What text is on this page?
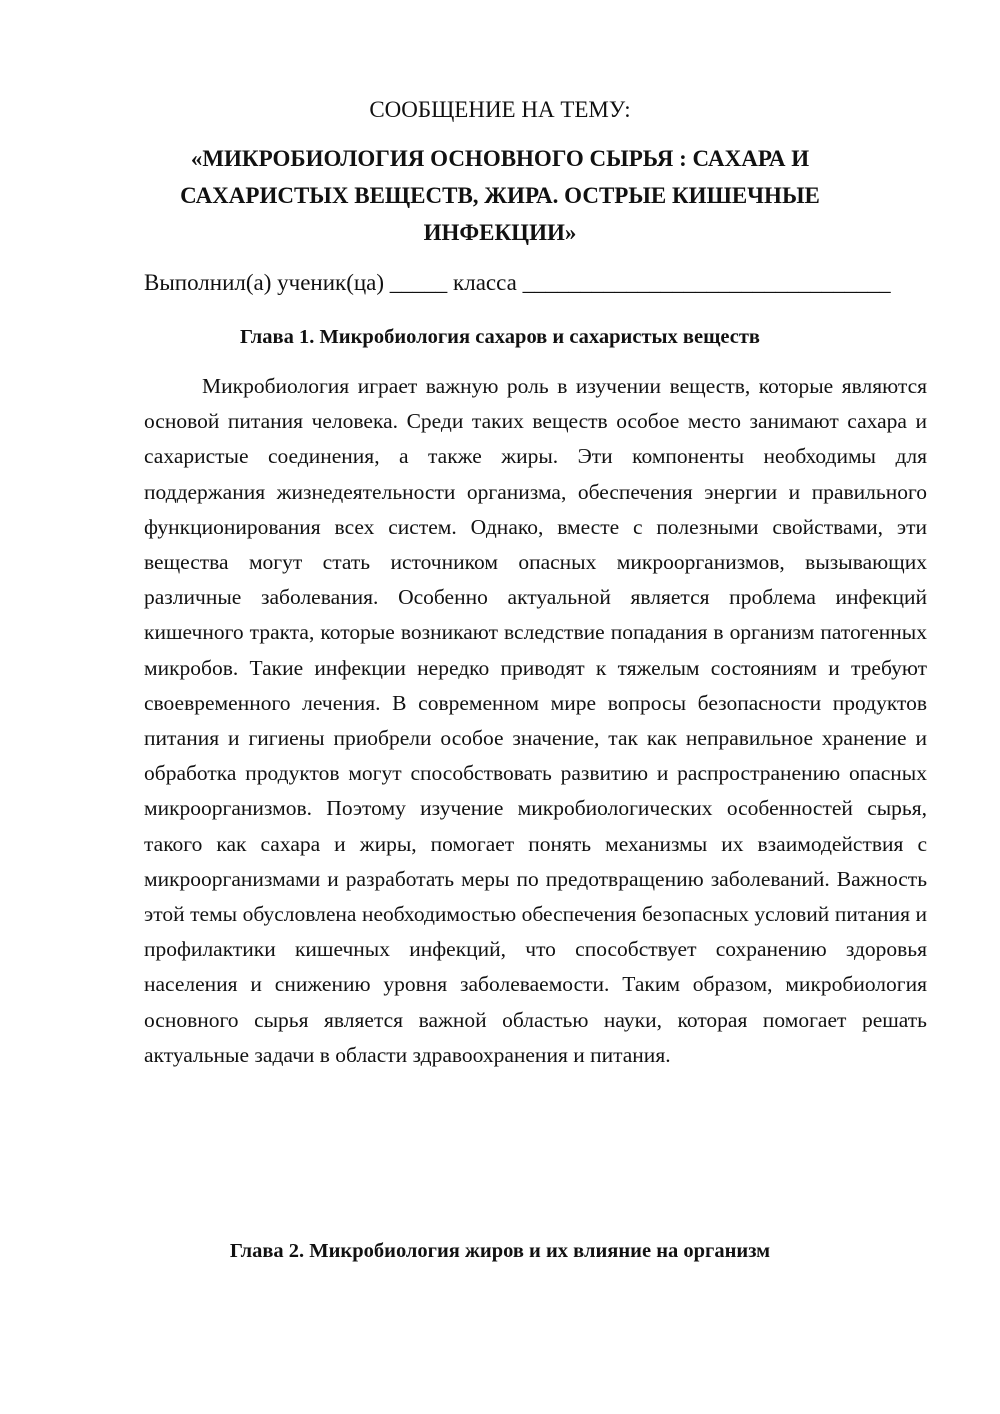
СООБЩЕНИЕ НА ТЕМУ:
«МИКРОБИОЛОГИЯ ОСНОВНОГО СЫРЬЯ : САХАРА И САХАРИСТЫХ ВЕЩЕСТВ, ЖИРА. ОСТРЫЕ КИШЕЧНЫЕ ИНФЕКЦИИ»
Выполнил(а) ученик(ца) _____ класса ________________________________
Глава 1. Микробиология сахаров и сахаристых веществ

Микробиология играет важную роль в изучении веществ, которые являются основой питания человека. Среди таких веществ особое место занимают сахара и сахаристые соединения, а также жиры. Эти компоненты необходимы для поддержания жизнедеятельности организма, обеспечения энергии и правильного функционирования всех систем. Однако, вместе с полезными свойствами, эти вещества могут стать источником опасных микроорганизмов, вызывающих различные заболевания. Особенно актуальной является проблема инфекций кишечного тракта, которые возникают вследствие попадания в организм патогенных микробов. Такие инфекции нередко приводят к тяжелым состояниям и требуют своевременного лечения. В современном мире вопросы безопасности продуктов питания и гигиены приобрели особое значение, так как неправильное хранение и обработка продуктов могут способствовать развитию и распространению опасных микроорганизмов. Поэтому изучение микробиологических особенностей сырья, такого как сахара и жиры, помогает понять механизмы их взаимодействия с микроорганизмами и разработать меры по предотвращению заболеваний. Важность этой темы обусловлена необходимостью обеспечения безопасных условий питания и профилактики кишечных инфекций, что способствует сохранению здоровья населения и снижению уровня заболеваемости. Таким образом, микробиология основного сырья является важной областью науки, которая помогает решать актуальные задачи в области здравоохранения и питания.

Глава 2. Микробиология жиров и их влияние на организм
